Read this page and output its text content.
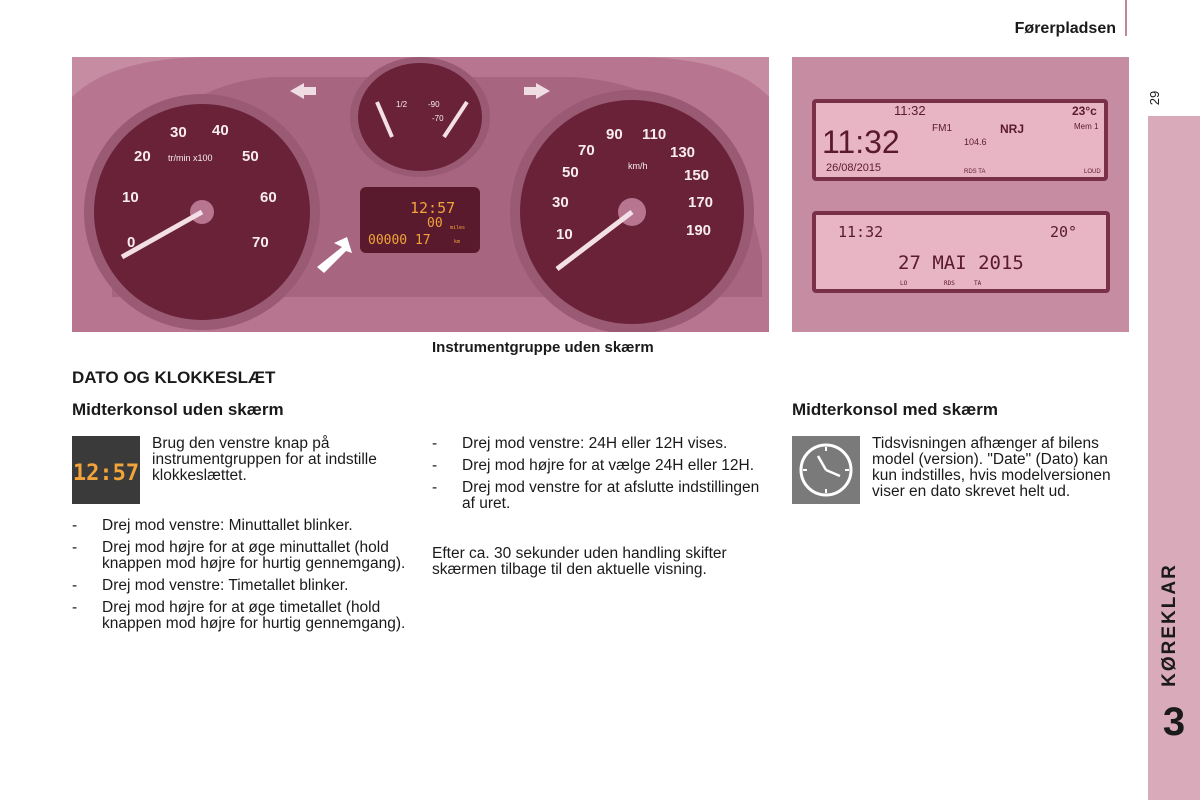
Førerpladsen
29
KØREKLAR
3
0
10
20
30 40
50
60
70
tr/min x100
1/2	-90
-70
12:57
00
00000 17
miles
km	10
30
50
70
90 110
130
150
170
190
km/h
Instrumentgruppe uden skærm
11:32	23°c
11:32
26/08/2015
FM1	NRJ	Mem 1
104.6
RDS TA	LOUD
11:32	20°
27 MAI 2015
LO	RDS	TA
DATO OG KLOKKESLÆT
Midterkonsol uden skærm	Midterkonsol med skærm
12:57
Brug den venstre knap på instrumentgruppen for at indstille klokkeslættet.
- Drej mod venstre: Minuttallet blinker.
- Drej mod højre for at øge minuttallet (hold knappen mod højre for hurtig gennemgang).
- Drej mod venstre: Timetallet blinker.
- Drej mod højre for at øge timetallet (hold knappen mod højre for hurtig gennemgang).
- Drej mod venstre: 24H eller 12H vises.
- Drej mod højre for at vælge 24H eller 12H.
- Drej mod venstre for at afslutte indstillingen af uret.
Efter ca. 30 sekunder uden handling skifter skærmen tilbage til den aktuelle visning.
Tidsvisningen afhænger af bilens model (version). "Date" (Dato) kan kun indstilles, hvis modelversionen viser en dato skrevet helt ud.
